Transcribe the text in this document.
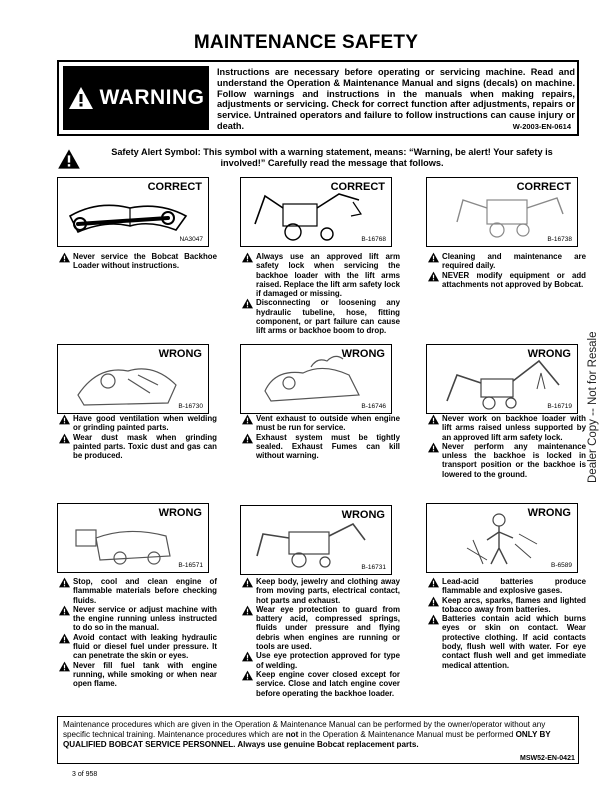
MAINTENANCE SAFETY
WARNING
Instructions are necessary before operating or servicing machine. Read and understand the Operation & Maintenance Manual and signs (decals) on machine. Follow warnings and instructions in the manuals when making repairs, adjustments or servicing. Check for correct function after adjustments, repairs or service. Untrained operators and failure to follow instructions can cause injury or death.	W-2003-EN-0614
Safety Alert Symbol: This symbol with a warning statement, means: “Warning, be alert! Your safety is
involved!” Carefully read the message that follows.
CORRECT
NA3047
CORRECT
B-16768
CORRECT
B-16738
Never service the Bobcat Backhoe Loader without instructions.
Always use an approved lift arm safety lock when servicing the backhoe loader with the lift arms raised. Replace the lift arm safety lock if damaged or missing.
Disconnecting or loosening any hydraulic tubeline, hose, fitting component, or part failure can cause lift arms or backhoe boom to drop.
Cleaning and maintenance are required daily.
NEVER modify equipment or add attachments not approved by Bobcat.
WRONG
B-16730
WRONG
B-16746
WRONG
B-16719
Have good ventilation when welding or grinding painted parts.
Wear dust mask when grinding painted parts. Toxic dust and gas can be produced.
Vent exhaust to outside when engine must be run for service.
Exhaust system must be tightly sealed. Exhaust Fumes can kill without warning.
Never work on backhoe loader with lift arms raised unless supported by an approved lift arm safety lock.
Never perform any maintenance unless the backhoe is locked in transport position or the backhoe is lowered to the ground.
WRONG
B-16571
WRONG
B-16731
WRONG
B-6589
Stop, cool and clean engine of flammable materials before checking fluids.
Never service or adjust machine with the engine running unless instructed to do so in the manual.
Avoid contact with leaking hydraulic fluid or diesel fuel under pressure. It can penetrate the skin or eyes.
Never fill fuel tank with engine running, while smoking or when near open flame.
Keep body, jewelry and clothing away from moving parts, electrical contact, hot parts and exhaust.
Wear eye protection to guard from battery acid, compressed springs, fluids under pressure and flying debris when engines are running or tools are used.
Use eye protection approved for type of welding.
Keep engine cover closed except for service. Close and latch engine cover before operating the backhoe loader.
Lead-acid batteries produce flammable and explosive gases.
Keep arcs, sparks, flames and lighted tobacco away from batteries.
Batteries contain acid which burns eyes or skin on contact. Wear protective clothing. If acid contacts body, flush well with water. For eye contact flush well and get immediate medical attention.
Maintenance procedures which are given in the Operation & Maintenance Manual can be performed by the owner/operator without any specific technical training. Maintenance procedures which are not in the Operation & Maintenance Manual must be performed ONLY BY QUALIFIED BOBCAT SERVICE PERSONNEL. Always use genuine Bobcat replacement parts.
MSW52-EN-0421
3 of 958
Dealer Copy -- Not for Resale
